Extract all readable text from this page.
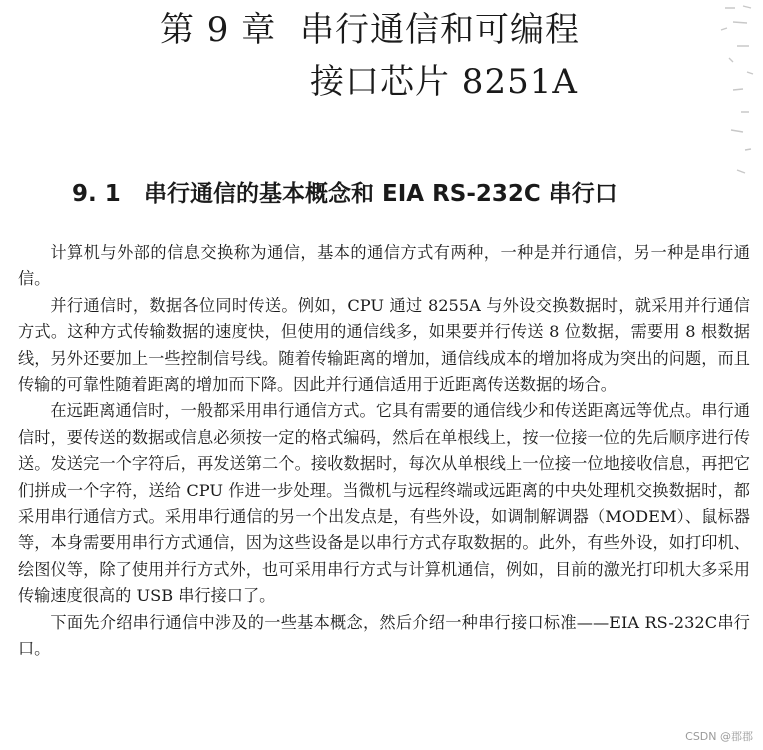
第 9 章 串行通信和可编程
接口芯片 8251A
9. 1 串行通信的基本概念和 EIA RS-232C 串行口

计算机与外部的信息交换称为通信，基本的通信方式有两种，一种是并行通信，另一种是串行通信。

并行通信时，数据各位同时传送。例如，CPU 通过 8255A 与外设交换数据时，就采用并行通信方式。这种方式传输数据的速度快，但使用的通信线多，如果要并行传送 8 位数据，需要用 8 根数据线，另外还要加上一些控制信号线。随着传输距离的增加，通信线成本的增加将成为突出的问题，而且传输的可靠性随着距离的增加而下降。因此并行通信适用于近距离传送数据的场合。

在远距离通信时，一般都采用串行通信方式。它具有需要的通信线少和传送距离远等优点。串行通信时，要传送的数据或信息必须按一定的格式编码，然后在单根线上，按一位接一位的先后顺序进行传送。发送完一个字符后，再发送第二个。接收数据时，每次从单根线上一位接一位地接收信息，再把它们拼成一个字符，送给 CPU 作进一步处理。当微机与远程终端或远距离的中央处理机交换数据时，都采用串行通信方式。采用串行通信的另一个出发点是，有些外设，如调制解调器（MODEM）、鼠标器等，本身需要用串行方式通信，因为这些设备是以串行方式存取数据的。此外，有些外设，如打印机、绘图仪等，除了使用并行方式外，也可采用串行方式与计算机通信，例如，目前的激光打印机大多采用传输速度很高的 USB 串行接口了。

下面先介绍串行通信中涉及的一些基本概念，然后介绍一种串行接口标准——EIA RS-232C串行口。

CSDN @郡郡
